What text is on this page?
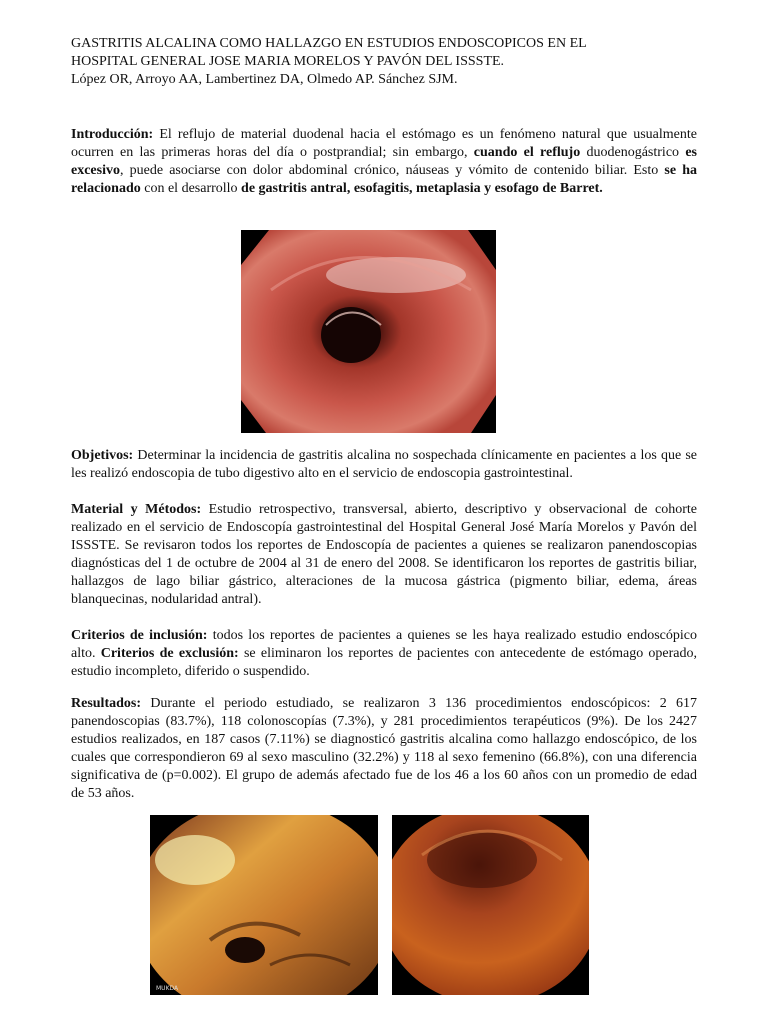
GASTRITIS ALCALINA COMO HALLAZGO EN ESTUDIOS ENDOSCOPICOS EN EL
HOSPITAL GENERAL JOSE MARIA MORELOS Y PAVÓN DEL ISSSTE.
López OR, Arroyo AA, Lambertinez DA, Olmedo AP. Sánchez SJM.
Introducción: El reflujo de material duodenal hacia el estómago es un fenómeno natural que usualmente ocurren en las primeras horas del día o postprandial; sin embargo, cuando el reflujo duodenogástrico es excesivo, puede asociarse con dolor abdominal crónico, náuseas y vómito de contenido biliar. Esto se ha relacionado con el desarrollo de gastritis antral, esofagitis, metaplasia y esofago de Barret.
Objetivos: Determinar la incidencia de gastritis alcalina no sospechada clínicamente en pacientes a los que se les realizó endoscopia de tubo digestivo alto en el servicio de endoscopia gastrointestinal.
Material y Métodos: Estudio retrospectivo, transversal, abierto, descriptivo y observacional de cohorte realizado en el servicio de Endoscopía gastrointestinal del Hospital General José María Morelos y Pavón del ISSSTE. Se revisaron todos los reportes de Endoscopía de pacientes a quienes se realizaron panendoscopias diagnósticas del 1 de octubre de 2004 al 31 de enero del 2008. Se identificaron los reportes de gastritis biliar, hallazgos de lago biliar gástrico, alteraciones de la mucosa gástrica (pigmento biliar, edema, áreas blanquecinas, nodularidad antral).
Criterios de inclusión: todos los reportes de pacientes a quienes se les haya realizado estudio endoscópico alto. Criterios de exclusión: se eliminaron los reportes de pacientes con antecedente de estómago operado, estudio incompleto, diferido o suspendido.
Resultados: Durante el periodo estudiado, se realizaron 3 136 procedimientos endoscópicos: 2 617 panendoscopias (83.7%), 118 colonoscopías (7.3%), y 281 procedimientos terapéuticos (9%). De los 2427 estudios realizados, en 187 casos (7.11%) se diagnosticó gastritis alcalina como hallazgo endoscópico, de los cuales que correspondieron 69 al sexo masculino (32.2%) y 118 al sexo femenino (66.8%), con una diferencia significativa de (p=0.002). El grupo de además afectado fue de los 46 a los 60 años con un promedio de edad de 53 años.
MUKDA
